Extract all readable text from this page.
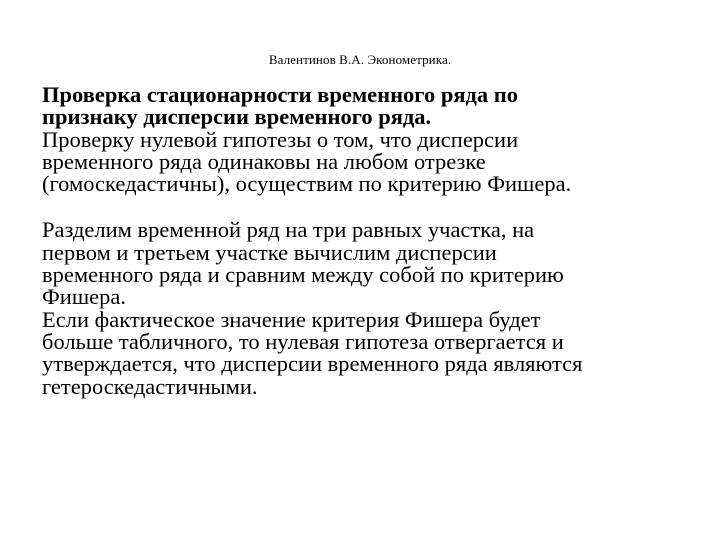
Валентинов В.А. Эконометрика.
Проверка стационарности временного ряда по
признаку дисперсии временного ряда.
Проверку нулевой гипотезы о том, что дисперсии
временного ряда одинаковы на любом отрезке
(гомоскедастичны), осуществим по критерию Фишера.
Разделим временной ряд на три равных участка, на
первом и третьем участке вычислим дисперсии
временного ряда и сравним между собой по критерию
Фишера.
Если фактическое значение критерия Фишера будет
больше табличного, то нулевая гипотеза отвергается и
утверждается, что дисперсии временного ряда являются
гетероскедастичными.
